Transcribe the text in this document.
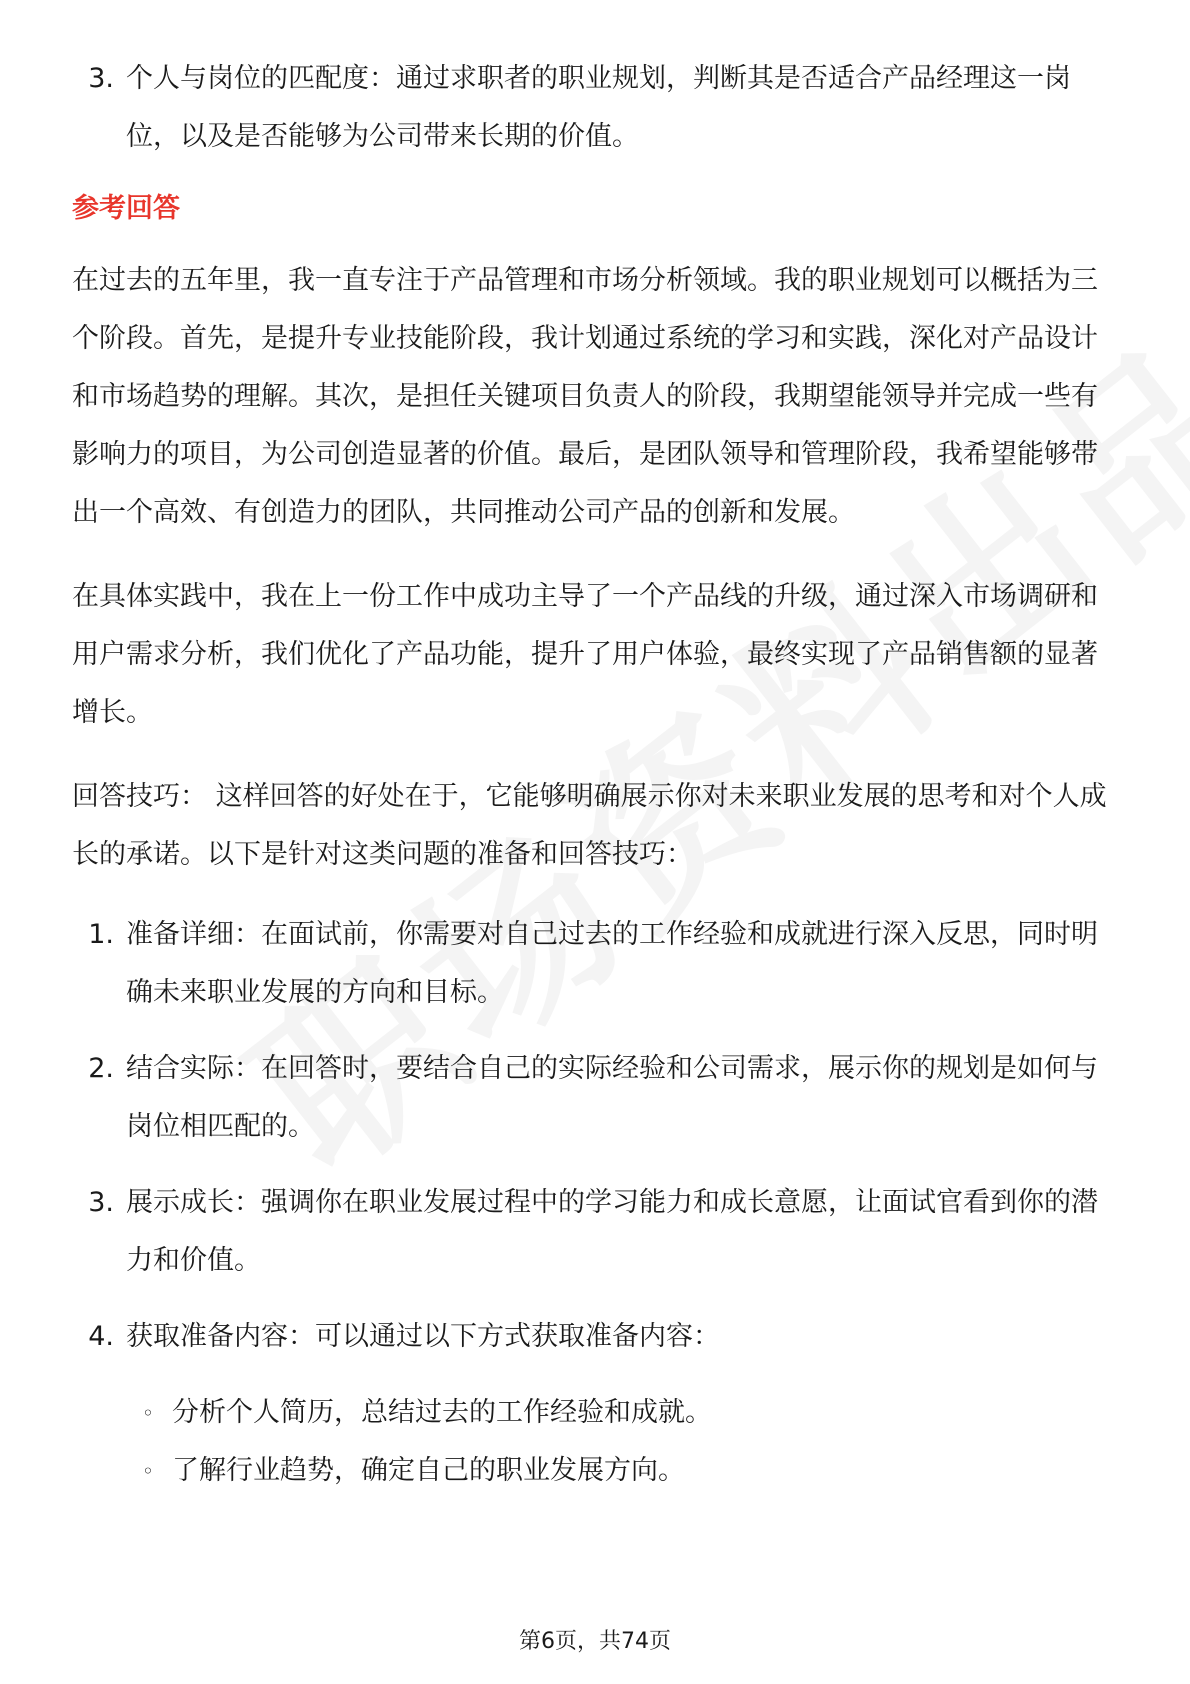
3. 个人与岗位的匹配度：通过求职者的职业规划，判断其是否适合产品经理这一岗位，以及是否能够为公司带来长期的价值。

参考回答

在过去的五年里，我一直专注于产品管理和市场分析领域。我的职业规划可以概括为三个阶段。首先，是提升专业技能阶段，我计划通过系统的学习和实践，深化对产品设计和市场趋势的理解。其次，是担任关键项目负责人的阶段，我期望能领导并完成一些有影响力的项目，为公司创造显著的价值。最后，是团队领导和管理阶段，我希望能够带出一个高效、有创造力的团队，共同推动公司产品的创新和发展。

在具体实践中，我在上一份工作中成功主导了一个产品线的升级，通过深入市场调研和用户需求分析，我们优化了产品功能，提升了用户体验，最终实现了产品销售额的显著增长。

回答技巧： 这样回答的好处在于，它能够明确展示你对未来职业发展的思考和对个人成长的承诺。以下是针对这类问题的准备和回答技巧：

1. 准备详细：在面试前，你需要对自己过去的工作经验和成就进行深入反思，同时明确未来职业发展的方向和目标。
2. 结合实际：在回答时，要结合自己的实际经验和公司需求，展示你的规划是如何与岗位相匹配的。
3. 展示成长：强调你在职业发展过程中的学习能力和成长意愿，让面试官看到你的潜力和价值。
4. 获取准备内容：可以通过以下方式获取准备内容：
◦ 分析个人简历，总结过去的工作经验和成就。
◦ 了解行业趋势，确定自己的职业发展方向。
第6页，共74页
